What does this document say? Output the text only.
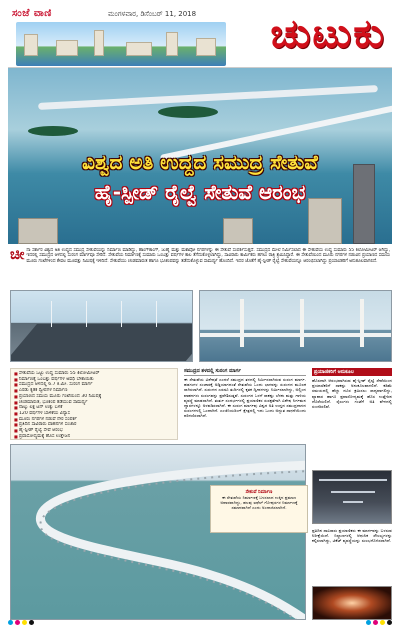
ಸಂಜೆ ವಾಣಿ	ಮಂಗಳವಾರ, ಡಿಸೆಂಬರ್ 11, 2018 ಚುಟುಕು
ವಿಶ್ವದ ಅತಿ ಉದ್ದದ ಸಮುದ್ರ ಸೇತುವೆ
ಹೈ-ಸ್ಪೀಡ್ ರೈಲ್ವೆ ಸೇತುವೆ ಆರಂಭ
ಚೀ ನಾ ಸರ್ಕಾರ ವಿಶ್ವದ ಅತಿ ಉದ್ದದ ಸಮುದ್ರ ಸೇತುವೆಯನ್ನು ನಿರ್ಮಾಣ ಮಾಡಿದ್ದು, ಹಾಂಗ್‌ಕಾಂಗ್, ಜುಹೈ ಮತ್ತು ಮಕಾವೋ ನಗರಗಳನ್ನು ಈ ಸೇತುವೆ ಸಂಪರ್ಕಿಸುತ್ತದೆ. ಸಮುದ್ರದ ಮೇಲೆ ನಿರ್ಮಿಸಲಾದ ಈ ಸೇತುವೆಯ ಉದ್ದ ಸುಮಾರು 55 ಕಿಲೋಮೀಟರ್ ಆಗಿದ್ದು, ಇದರಲ್ಲಿ ಸಮುದ್ರದ ಆಳದಲ್ಲಿ ಸುರಂಗ ಮಾರ್ಗವೂ ಸೇರಿದೆ. ಸೇತುವೆಯ ನಿರ್ಮಾಣಕ್ಕೆ ಸುಮಾರು ಒಂಬತ್ತು ವರ್ಷಗಳ ಕಾಲ ತೆಗೆದುಕೊಳ್ಳಲಾಗಿದ್ದು, ಸಾವಿರಾರು ಕಾರ್ಮಿಕರು ಹಗಲು ರಾತ್ರಿ ಶ್ರಮಿಸಿದ್ದಾರೆ. ಈ ಸೇತುವೆಯಿಂದ ಮೂರು ನಗರಗಳ ನಡುವಿನ ಪ್ರಯಾಣದ ಸಮಯ ಮೂರು ಗಂಟೆಗಳಿಂದ ಕೇವಲ ಮೂವತ್ತು ನಿಮಿಷಕ್ಕೆ ಇಳಿದಿದೆ. ಸೇತುವೆಯು ಚಂಡಮಾರುತ ಹಾಗೂ ಭೂಕಂಪವನ್ನು ತಡೆದುಕೊಳ್ಳುವ ಸಾಮರ್ಥ್ಯ ಹೊಂದಿದೆ. ಇದರ ಜೊತೆಗೆ ಹೈ-ಸ್ಪೀಡ್ ರೈಲ್ವೆ ಸೇತುವೆಯನ್ನೂ ಆರಂಭಿಸಲಾಗಿದ್ದು ಪ್ರಯಾಣಿಕರಿಗೆ ಅನುಕೂಲವಾಗಲಿದೆ.
■ ಸೇತುವೆಯ ಒಟ್ಟು ಉದ್ದ ಸುಮಾರು 55 ಕಿಲೋಮೀಟರ್
■ ನಿರ್ಮಾಣಕ್ಕೆ ಒಂಬತ್ತು ವರ್ಷಗಳ ಅವಧಿ ಬೇಕಾಯಿತು
■ ಸಮುದ್ರದ ಆಳದಲ್ಲಿ 6.7 ಕಿ.ಮೀ. ಸುರಂಗ ಮಾರ್ಗ
■ ಎರಡು ಕೃತಕ ದ್ವೀಪಗಳ ನಿರ್ಮಾಣ
■ ಪ್ರಯಾಣದ ಸಮಯ ಮೂರು ಗಂಟೆಯಿಂದ 30 ನಿಮಿಷಕ್ಕೆ
■ ಚಂಡಮಾರುತ, ಭೂಕಂಪ ತಡೆಯುವ ಸಾಮರ್ಥ್ಯ
■ ನಾಲ್ಕು ಲಕ್ಷ ಟನ್ ಉಕ್ಕು ಬಳಕೆ
■ 120 ವರ್ಷಗಳ ಬಾಳಿಕೆಯ ವಿನ್ಯಾಸ
■ ಮೂರು ನಗರಗಳ ನಡುವೆ ನೇರ ಸಂಪರ್ಕ
■ ಪ್ರತಿದಿನ ಸಾವಿರಾರು ವಾಹನಗಳ ಸಂಚಾರ
■ ಹೈ-ಸ್ಪೀಡ್ ರೈಲ್ವೆ ಸೇವೆ ಆರಂಭ
■ ಪ್ರವಾಸೋದ್ಯಮಕ್ಕೆ ಹೊಸ ಉತ್ತೇಜನ
ಸಮುದ್ರದ ತಳದಲ್ಲಿ ಸುರಂಗ ಮಾರ್ಗ
ಈ ಸೇತುವೆಯ ವಿಶೇಷತೆ ಎಂದರೆ ಸಮುದ್ರದ ತಳದಲ್ಲಿ ನಿರ್ಮಿಸಲಾಗಿರುವ ಸುರಂಗ ಮಾರ್ಗ. ಹಡಗುಗಳ ಸಂಚಾರಕ್ಕೆ ಅಡ್ಡಿಯಾಗದಂತೆ ಸೇತುವೆಯ ಒಂದು ಭಾಗವನ್ನು ಸುರಂಗದ ಮೂಲಕ ಸಾಗಿಸಲಾಗಿದೆ. ಸುರಂಗದ ಎರಡೂ ತುದಿಗಳಲ್ಲಿ ಕೃತಕ ದ್ವೀಪಗಳನ್ನು ನಿರ್ಮಿಸಲಾಗಿದ್ದು, ಅಲ್ಲಿಂದ ವಾಹನಗಳು ಸುರಂಗವನ್ನು ಪ್ರವೇಶಿಸುತ್ತವೆ. ಸುರಂಗದ ಒಳಗೆ ಸಾಕಷ್ಟು ಬೆಳಕು ಮತ್ತು ಗಾಳಿಯ ವ್ಯವಸ್ಥೆ ಮಾಡಲಾಗಿದೆ. ತುರ್ತು ಸಂದರ್ಭಗಳಲ್ಲಿ ಪ್ರಯಾಣಿಕರ ಸುರಕ್ಷತೆಗಾಗಿ ವಿಶೇಷ ನಿರ್ಗಮನ ದ್ವಾರಗಳನ್ನೂ ಅಳವಡಿಸಲಾಗಿದೆ. ಈ ಸುರಂಗ ಮಾರ್ಗವು ವಿಶ್ವದ ಅತಿ ಉದ್ದದ ಸಮುದ್ರದಾಳದ ಸುರಂಗಗಳಲ್ಲಿ ಒಂದಾಗಿದೆ. ಎಂಜಿನಿಯರಿಂಗ್ ಕ್ಷೇತ್ರದಲ್ಲಿ ಇದು ಒಂದು ಅದ್ಭುತ ಸಾಧನೆಯೆಂದು ಪರಿಗಣಿಸಲಾಗಿದೆ.
ಸೇತುವೆ ನಿರ್ಮಾಣ
ಈ ಸೇತುವೆಯ ನಿರ್ಮಾಣಕ್ಕೆ ಬಳಸಲಾದ ಉಕ್ಕಿನ ಪ್ರಮಾಣ ಅಪಾರವಾಗಿದ್ದು, ಹಲವು ಐಫೆಲ್ ಗೋಪುರಗಳ ನಿರ್ಮಾಣಕ್ಕೆ ಸಮಾನವಾಗಿದೆ ಎಂದು ಅಂದಾಜಿಸಲಾಗಿದೆ.
ಪ್ರಯಾಣಿಕರಿಗೆ ಅನುಕೂಲ
ಹೊಸದಾಗಿ ಆರಂಭವಾಗಿರುವ ಹೈ-ಸ್ಪೀಡ್ ರೈಲ್ವೆ ಸೇವೆಯಿಂದ ಪ್ರಯಾಣಿಕರಿಗೆ ಸಾಕಷ್ಟು ಅನುಕೂಲವಾಗಲಿದೆ. ಕಡಿಮೆ ಸಮಯದಲ್ಲಿ ಹೆಚ್ಚು ದೂರ ಕ್ರಮಿಸಲು ಸಾಧ್ಯವಾಗಲಿದ್ದು, ವ್ಯಾಪಾರ ಹಾಗೂ ಪ್ರವಾಸೋದ್ಯಮಕ್ಕೆ ಹೊಸ ಉತ್ತೇಜನ ದೊರೆಯಲಿದೆ. ರೈಲುಗಳು ಗಂಟೆಗೆ ಅತಿ ವೇಗದಲ್ಲಿ ಸಂಚರಿಸಲಿವೆ.
ಪ್ರತಿದಿನ ಸಾವಿರಾರು ಪ್ರಯಾಣಿಕರು ಈ ಮಾರ್ಗವನ್ನು ಬಳಸುವ ನಿರೀಕ್ಷೆಯಿದೆ. ನಿಲ್ದಾಣಗಳಲ್ಲಿ ಆಧುನಿಕ ಸೌಲಭ್ಯಗಳನ್ನು ಕಲ್ಪಿಸಲಾಗಿದ್ದು, ಟಿಕೆಟ್ ವ್ಯವಸ್ಥೆಯನ್ನು ಸುಲಭಗೊಳಿಸಲಾಗಿದೆ.
